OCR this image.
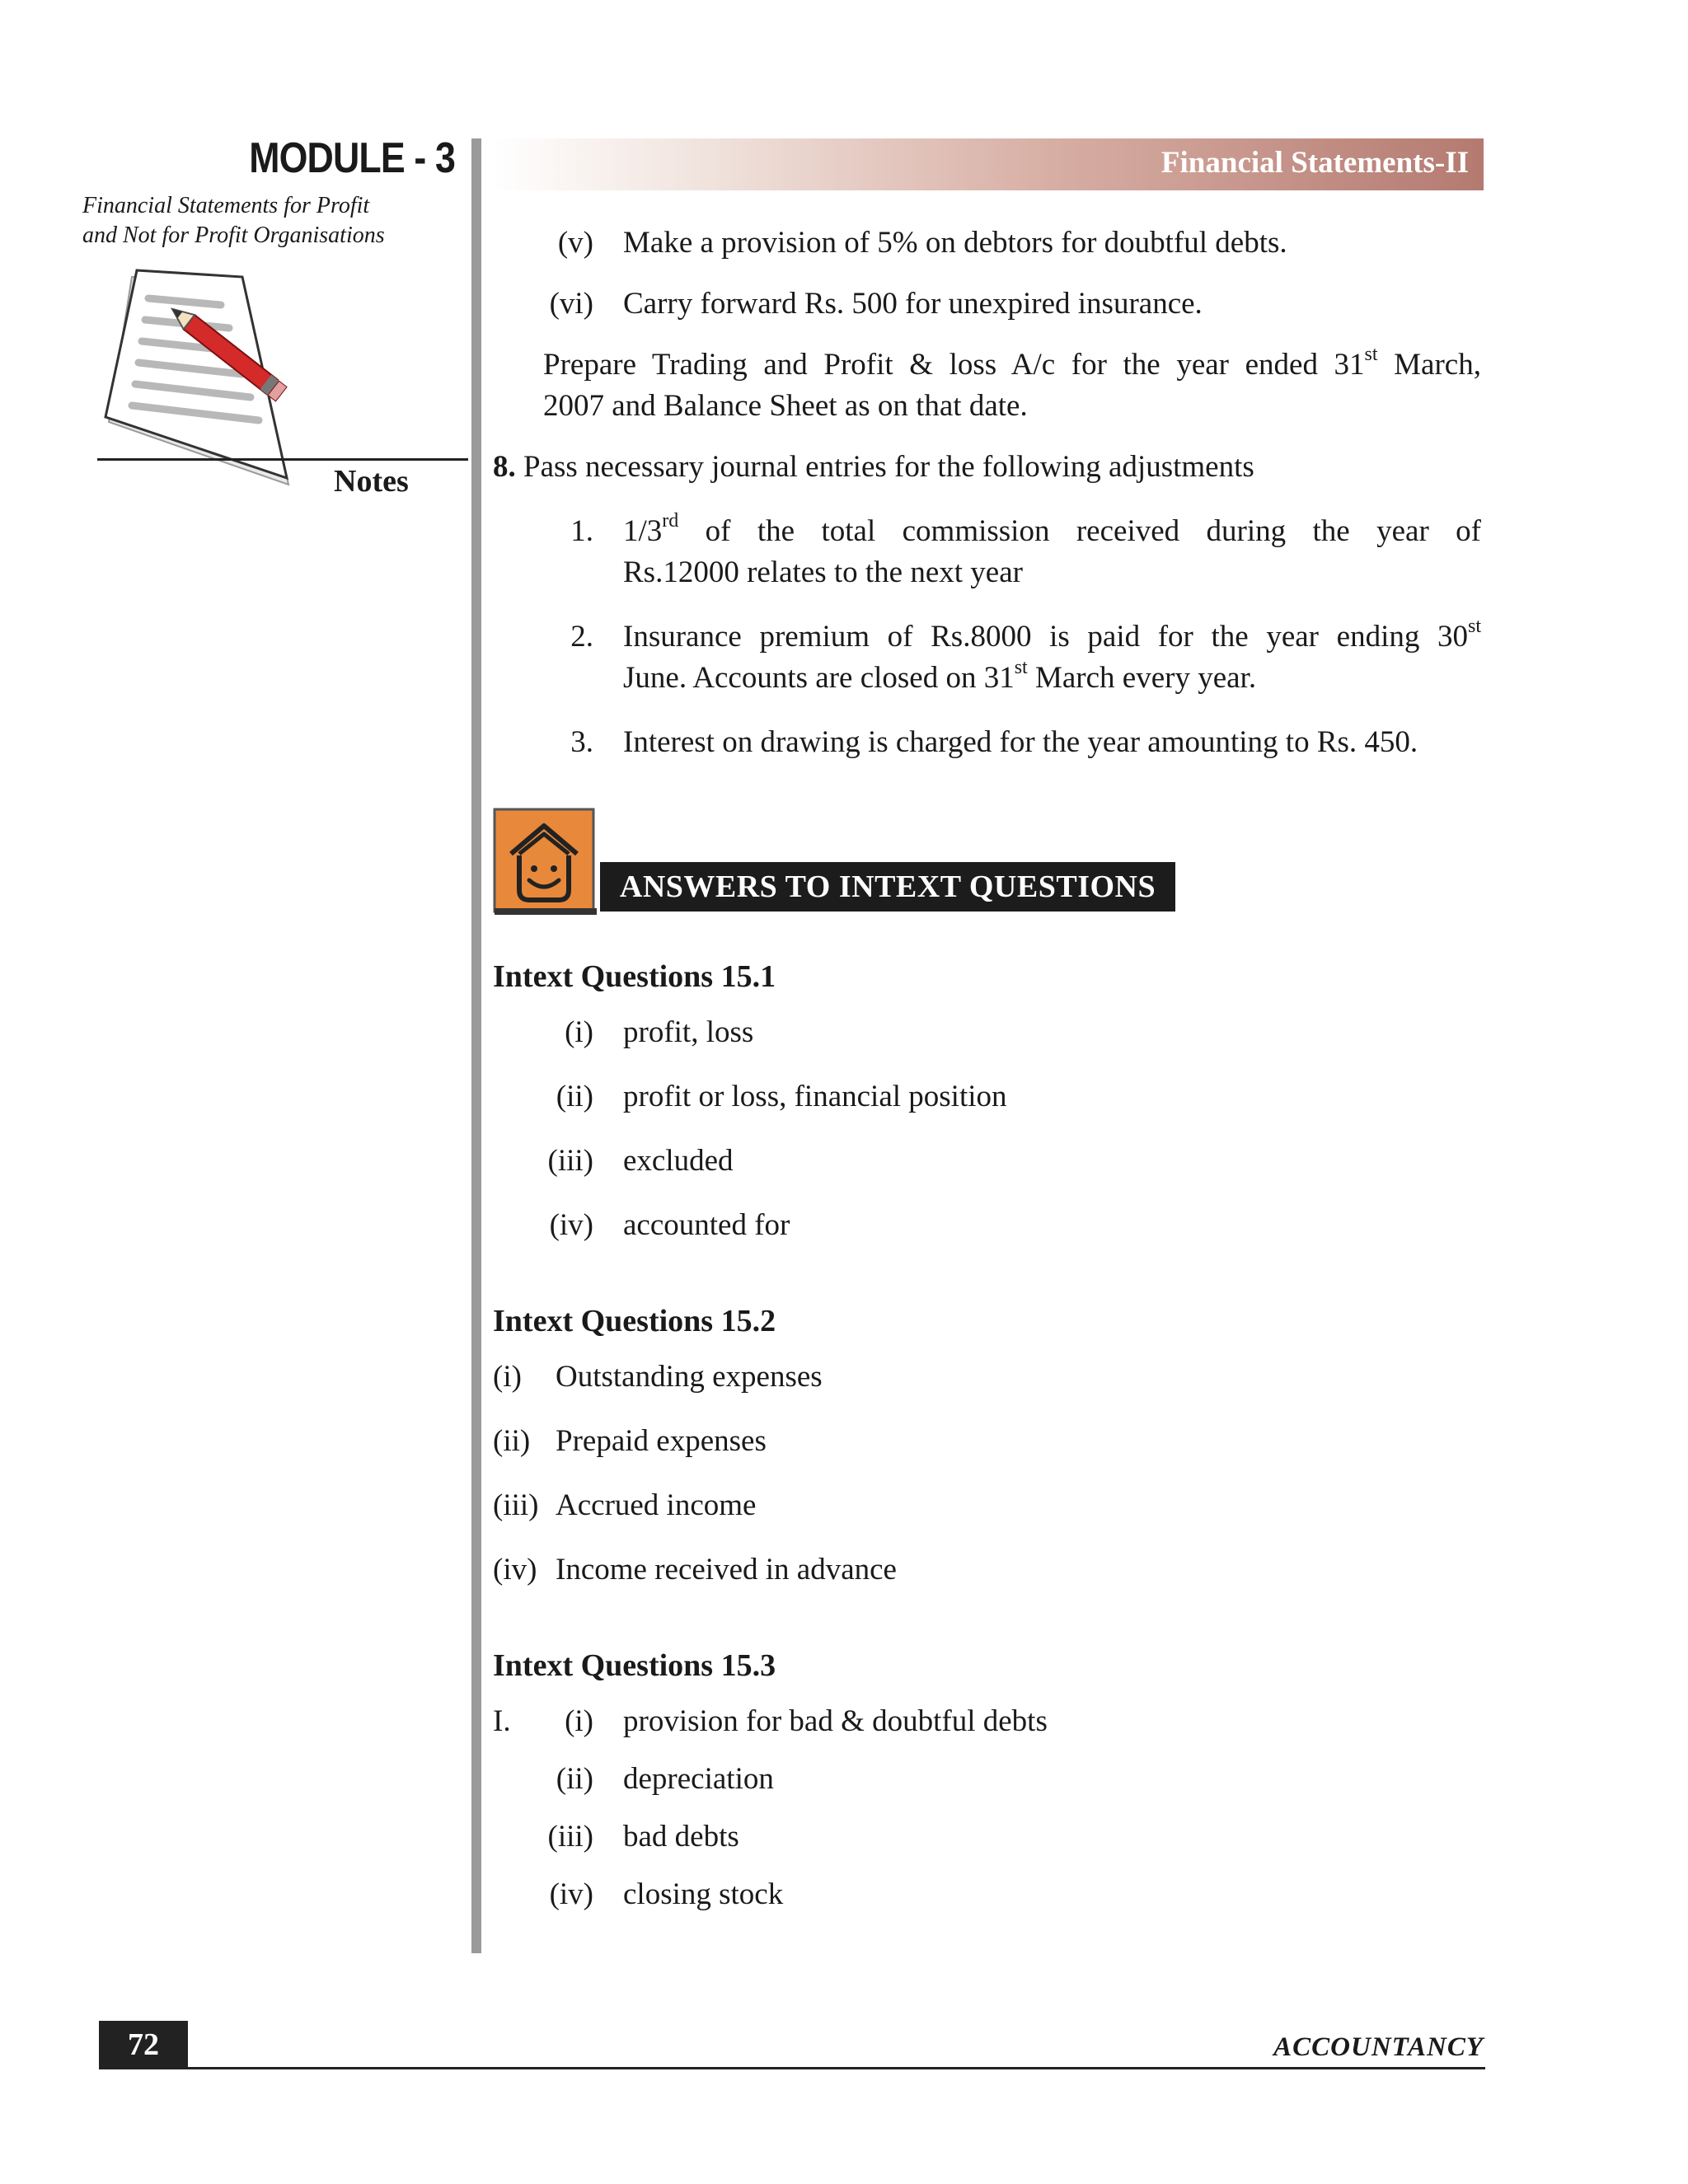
MODULE - 3
Financial Statements for Profit
and Not for Profit Organisations
Notes
Financial Statements-II
(v) Make a provision of 5% on debtors for doubtful debts.
(vi) Carry forward Rs. 500 for unexpired insurance.
Prepare Trading and Profit & loss A/c for the year ended 31st March,
2007 and Balance Sheet as on that date.
8. Pass necessary journal entries for the following adjustments
1. 1/3rd of the total commission received during the year of
Rs.12000 relates to the next year
2. Insurance premium of Rs.8000 is paid for the year ending 30st
June. Accounts are closed on 31st March every year.
3. Interest on drawing is charged for the year amounting to Rs. 450.
ANSWERS TO INTEXT QUESTIONS
Intext Questions 15.1
(i) profit, loss
(ii) profit or loss, financial position
(iii) excluded
(iv) accounted for
Intext Questions 15.2
(i) Outstanding expenses
(ii) Prepaid expenses
(iii) Accrued income
(iv) Income received in advance
Intext Questions 15.3
I.	(i) provision for bad & doubtful debts
(ii) depreciation
(iii) bad debts
(iv) closing stock
72	ACCOUNTANCY
